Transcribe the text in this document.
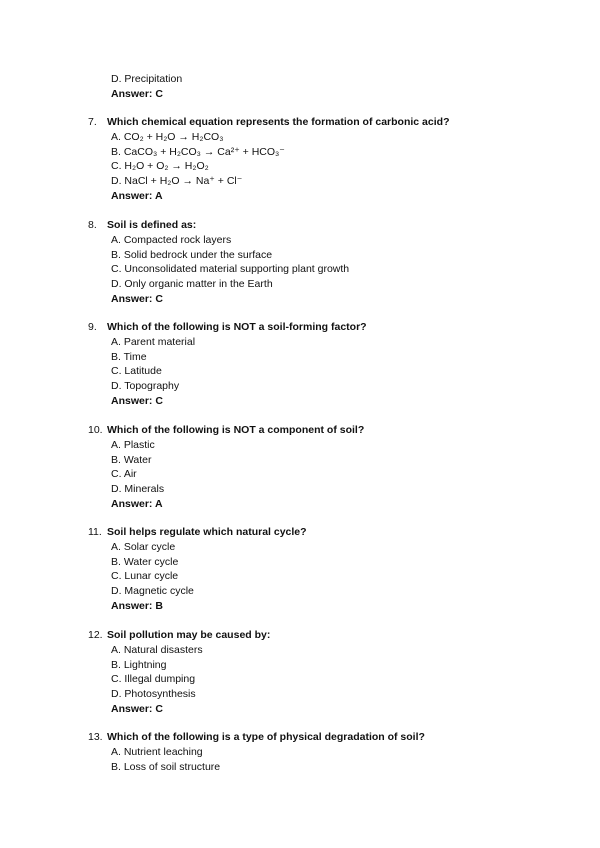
D. Precipitation
Answer: C
7. Which chemical equation represents the formation of carbonic acid?
A. CO₂ + H₂O → H₂CO₃
B. CaCO₃ + H₂CO₃ → Ca²⁺ + HCO₃⁻
C. H₂O + O₂ → H₂O₂
D. NaCl + H₂O → Na⁺ + Cl⁻
Answer: A
8. Soil is defined as:
A. Compacted rock layers
B. Solid bedrock under the surface
C. Unconsolidated material supporting plant growth
D. Only organic matter in the Earth
Answer: C
9. Which of the following is NOT a soil-forming factor?
A. Parent material
B. Time
C. Latitude
D. Topography
Answer: C
10. Which of the following is NOT a component of soil?
A. Plastic
B. Water
C. Air
D. Minerals
Answer: A
11. Soil helps regulate which natural cycle?
A. Solar cycle
B. Water cycle
C. Lunar cycle
D. Magnetic cycle
Answer: B
12. Soil pollution may be caused by:
A. Natural disasters
B. Lightning
C. Illegal dumping
D. Photosynthesis
Answer: C
13. Which of the following is a type of physical degradation of soil?
A. Nutrient leaching
B. Loss of soil structure
